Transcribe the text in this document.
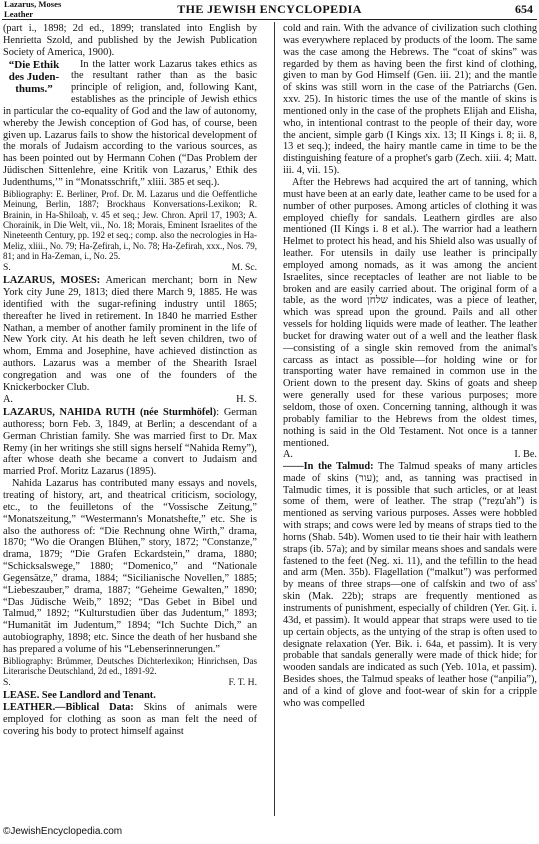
Lazarus, Moses
Leather	THE JEWISH ENCYCLOPEDIA	654

(part i., 1898; 2d ed., 1899; translated into English by Henrietta Szold, and published by the Jewish Publication Society of America, 1900).

“Die Ethik des Judenthums.”

In the latter work Lazarus takes ethics as the resultant rather than as the basic principle of religion, and, following Kant, establishes as the principle of Jewish ethics in particular the co-equality of God and the law of autonomy, whereby the Jewish conception of God has, of course, been given up. Lazarus fails to show the historical development of the morals of Judaism according to the various sources, as has been pointed out by Hermann Cohen (“Das Problem der Jüdischen Sittenlehre, eine Kritik von Lazarus,’ Ethik des Judenthums,’” in “Monatsschrift,” xliii. 385 et seq.).

Bibliography: E. Berliner, Prof. Dr. M. Lazarus und die Oeffentliche Meinung, Berlin, 1887; Brockhaus Konversations-Lexikon; R. Brainin, in Ha-Shiloaḥ, v. 45 et seq.; Jew. Chron. April 17, 1903; A. Chorainik, in Die Welt, vii., No. 18; Morais, Eminent Israelites of the Nineteenth Century, pp. 192 et seq.; comp. also the necrologies in Ha-Meliẓ, xliii., No. 79; Ha-Ẓefirah, i., No. 78; Ha-Ẓefirah, xxx., Nos. 79, 81; and in Ha-Zeman, i., No. 25.

S.	M. Sc.

LAZARUS, MOSES: American merchant; born in New York city June 29, 1813; died there March 9, 1885. He was identified with the sugar-refining industry until 1865; thereafter he lived in retirement. In 1840 he married Esther Nathan, a member of another family prominent in the life of New York city. At his death he left seven children, two of whom, Emma and Josephine, have achieved distinction as authors. Lazarus was a member of the Shearith Israel congregation and was one of the founders of the Knickerbocker Club.

A.	H. S.

LAZARUS, NAHIDA RUTH (née Sturmhöfel): German authoress; born Feb. 3, 1849, at Berlin; a descendant of a German Christian family. She was married first to Dr. Max Remy (in her writings she still signs herself “Nahida Remy”), after whose death she became a convert to Judaism and married Prof. Moritz Lazarus (1895).

Nahida Lazarus has contributed many essays and novels, treating of history, art, and theatrical criticism, sociology, etc., to the feuilletons of the “Vossische Zeitung,” “Monatszeitung,” “Westermann's Monatshefte,” etc. She is also the authoress of: “Die Rechnung ohne Wirth,” drama, 1870; “Wo die Orangen Blühen,” story, 1872; “Constanze,” drama, 1879; “Die Grafen Eckardstein,” drama, 1880; “Schicksalswege,” 1880; “Domenico,” and “Nationale Gegensätze,” drama, 1884; “Sicilianische Novellen,” 1885; “Liebeszauber,” drama, 1887; “Geheime Gewalten,” 1890; “Das Jüdische Weib,” 1892; “Das Gebet in Bibel und Talmud,” 1892; “Kulturstudien über das Judentum,” 1893; “Humanität im Judentum,” 1894; “Ich Suchte Dich,” an autobiography, 1898; etc. Since the death of her husband she has prepared a volume of his “Lebenserinnerungen.”

Bibliography: Brümmer, Deutsches Dichterlexikon; Hinrichsen, Das Literarische Deutschland, 2d ed., 1891-92.

S.	F. T. H.

LEASE. See Landlord and Tenant.

LEATHER.—Biblical Data: Skins of animals were employed for clothing as soon as man felt the need of covering his body to protect himself against

cold and rain. With the advance of civilization such clothing was everywhere replaced by products of the loom. The same was the case among the Hebrews. The “coat of skins” was regarded by them as having been the first kind of clothing, given to man by God Himself (Gen. iii. 21); and the mantle of skins was still worn in the case of the Patriarchs (Gen. xxv. 25). In historic times the use of the mantle of skins is mentioned only in the case of the prophets Elijah and Elisha, who, in intentional contrast to the people of their day, wore the ancient, simple garb (I Kings xix. 13; II Kings i. 8; ii. 8, 13 et seq.); indeed, the hairy mantle came in time to be the distinguishing feature of a prophet's garb (Zech. xiii. 4; Matt. iii. 4, vii. 15).

After the Hebrews had acquired the art of tanning, which must have been at an early date, leather came to be used for a number of other purposes. Among articles of clothing it was employed chiefly for sandals. Leathern girdles are also mentioned (II Kings i. 8 et al.). The warrior had a leathern Helmet to protect his head, and his Shield also was usually of leather. For utensils in daily use leather is principally employed among nomads, as it was among the ancient Israelites, since receptacles of leather are not liable to be broken and are easily carried about. The original form of a table, as the word שלחן indicates, was a piece of leather, which was spread upon the ground. Pails and all other vessels for holding liquids were made of leather. The leather bucket for drawing water out of a well and the leather flask—consisting of a single skin removed from the animal's carcass as intact as possible—for holding wine or for transporting water have remained in common use in the Orient down to the present day. Skins of goats and sheep were generally used for these various purposes; more seldom, those of oxen. Concerning tanning, although it was probably familiar to the Hebrews from the oldest times, nothing is said in the Old Testament. Not once is a tanner mentioned.

A.	I. Be.

——In the Talmud: The Talmud speaks of many articles made of skins (עור); and, as tanning was practised in Talmudic times, it is possible that such articles, or at least some of them, were of leather. The strap (“reẓu'ah”) is mentioned as serving various purposes. Asses were hobbled with straps; and cows were led by means of straps tied to the horns (Shab. 54b). Women used to tie their hair with leathern straps (ib. 57a); and by similar means shoes and sandals were fastened to the feet (Neg. xi. 11), and the tefillin to the head and arm (Men. 35b). Flagellation (“malkut”) was performed by means of three straps—one of calfskin and two of ass' skin (Mak. 22b); straps are frequently mentioned as instruments of punishment, especially of children (Yer. Giṭ. i. 43d, et passim). It would appear that straps were used to tie up certain objects, as the untying of the strap is often used to designate relaxation (Yer. Bik. i. 64a, et passim). It is very probable that sandals generally were made of thick hide; for wooden sandals are indicated as such (Yeb. 101a, et passim). Besides shoes, the Talmud speaks of leather hose (“anpilia”), and of a kind of glove and foot-wear of skin for a cripple who was compelled

©JewishEncyclopedia.com
